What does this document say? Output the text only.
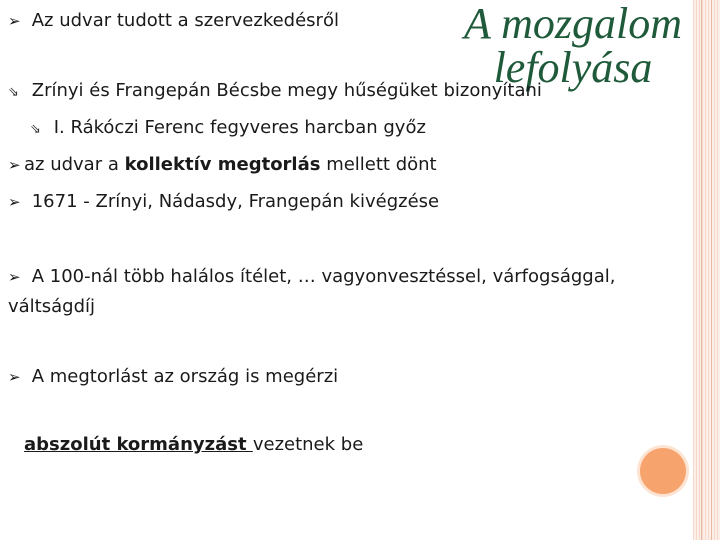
A mozgalom lefolyása
➢ Az udvar tudott a szervezkedésről
⇘ Zrínyi és Frangepán Bécsbe megy hűségüket bizonyítani
⇘ I. Rákóczi Ferenc fegyveres harcban győz
➢ az udvar a kollektív megtorlás mellett dönt
➢ 1671 - Zrínyi, Nádasdy, Frangepán kivégzése
➢ A 100-nál több halálos ítélet, … vagyonvesztéssel, várfogsággal,
váltságdíj
➢ A megtorlást az ország is megérzi
abszolút kormányzást vezetnek be
